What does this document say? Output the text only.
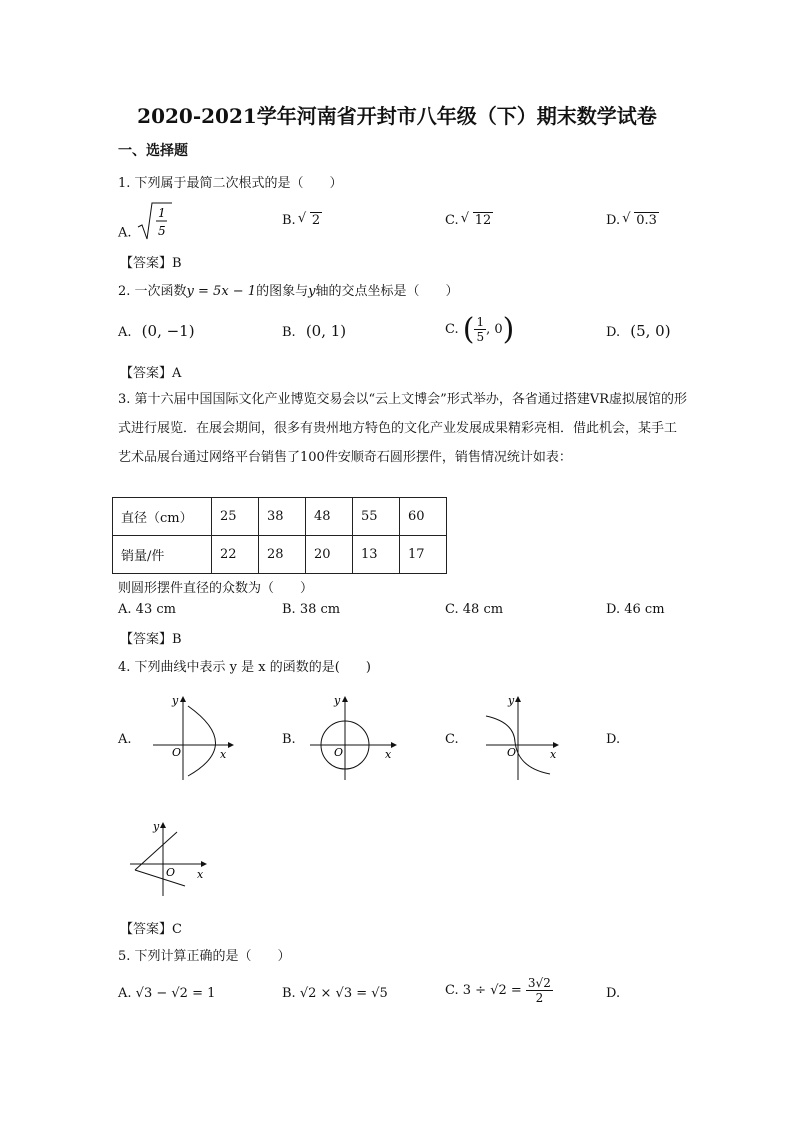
2020-2021学年河南省开封市八年级（下）期末数学试卷
一、选择题
1. 下列属于最简二次根式的是（　　）
A.
1
5
B. √ 2	C. √ 12	D. √ 0.3
【答案】B
2. 一次函数y = 5x − 1的图象与y轴的交点坐标是（　　）
A. (0, −1)	B. (0, 1)	C. ( $\frac{1}{5}$ , 0)	D. (5, 0)
【答案】A
3. 第十六届中国国际文化产业博览交易会以“云上文博会”形式举办，各省通过搭建VR虚拟展馆的形式进行展览．在展会期间，很多有贵州地方特色的文化产业发展成果精彩亮相．借此机会，某手工艺术品展台通过网络平台销售了100件安顺奇石圆形摆件，销售情况统计如表：
直径（cm）	25	38	48	55	60
销量/件	22	28	20	13	17
则圆形摆件直径的众数为（　　）
A. 43 cm	B. 38 cm	C. 48 cm	D. 46 cm
【答案】B
4. 下列曲线中表示 y 是 x 的函数的是(　　)
A.
O	x
y
B.
O	x
y
C.
O	x
y
D.
O x
y
【答案】C
5. 下列计算正确的是（　　）
A. √3 − √2 = 1	B. √2 × √3 = √5	C. $3 \div √2 = \frac{3√2}{2}$	D.
